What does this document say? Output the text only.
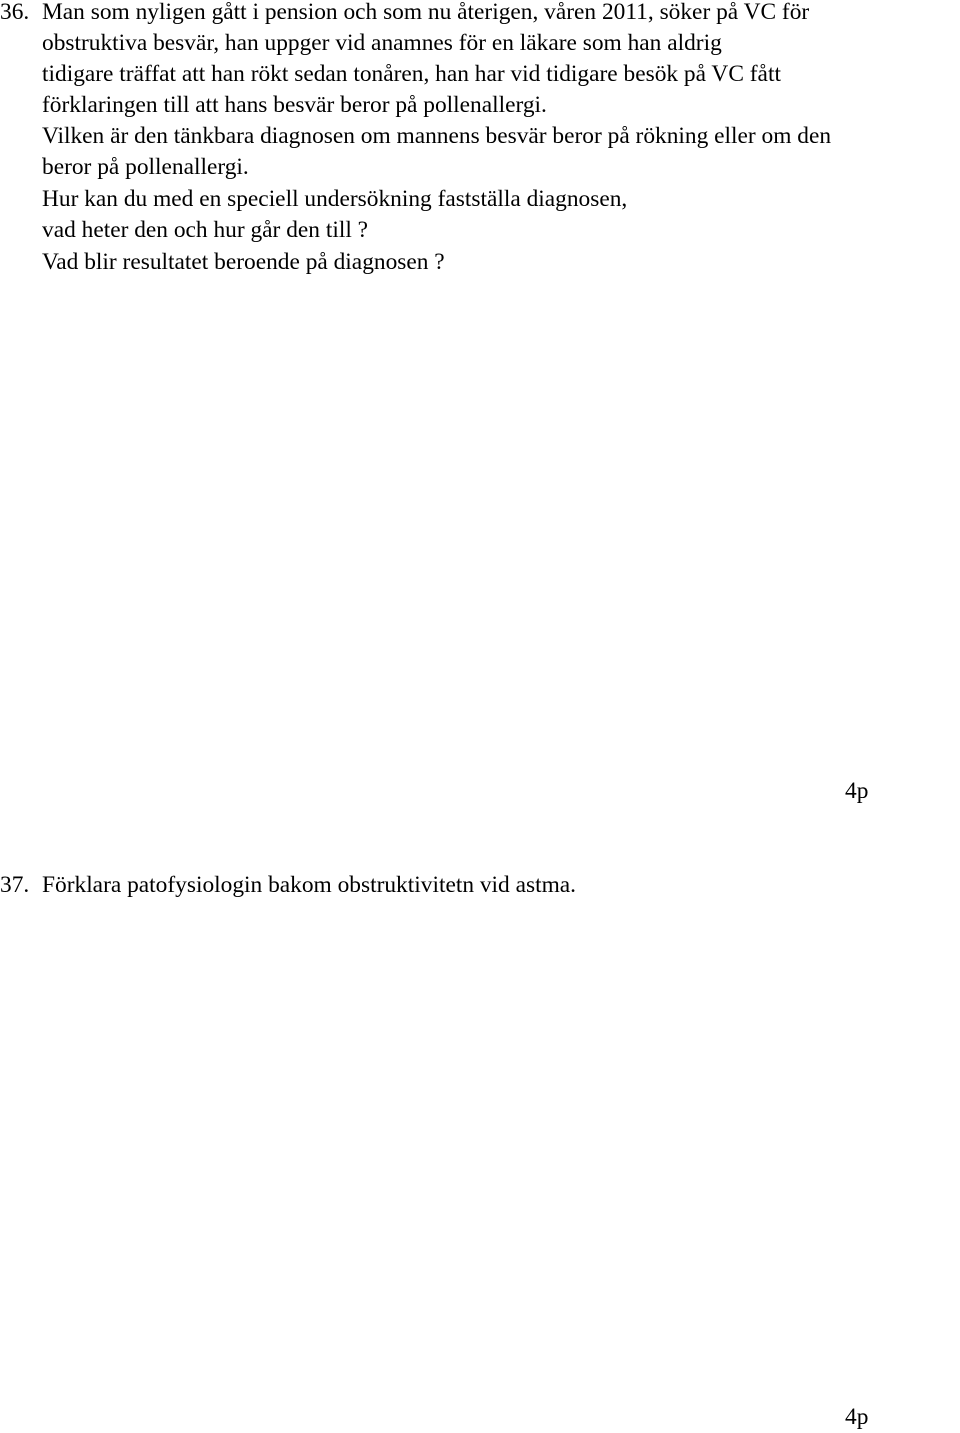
36. Man som nyligen gått i pension och som nu återigen, våren 2011, söker på VC för

obstruktiva besvär, han uppger vid anamnes för en läkare som han aldrig

tidigare träffat att han rökt sedan tonåren, han har vid tidigare besök på VC fått

förklaringen till att hans besvär beror på pollenallergi.

Vilken är den tänkbara diagnosen om mannens besvär beror på rökning eller om den

beror på pollenallergi.

Hur kan du med en speciell undersökning fastställa diagnosen,

vad heter den och hur går den till ?

Vad blir resultatet beroende på diagnosen ?

4p
37. Förklara patofysiologin bakom obstruktivitetn vid astma.

4p
